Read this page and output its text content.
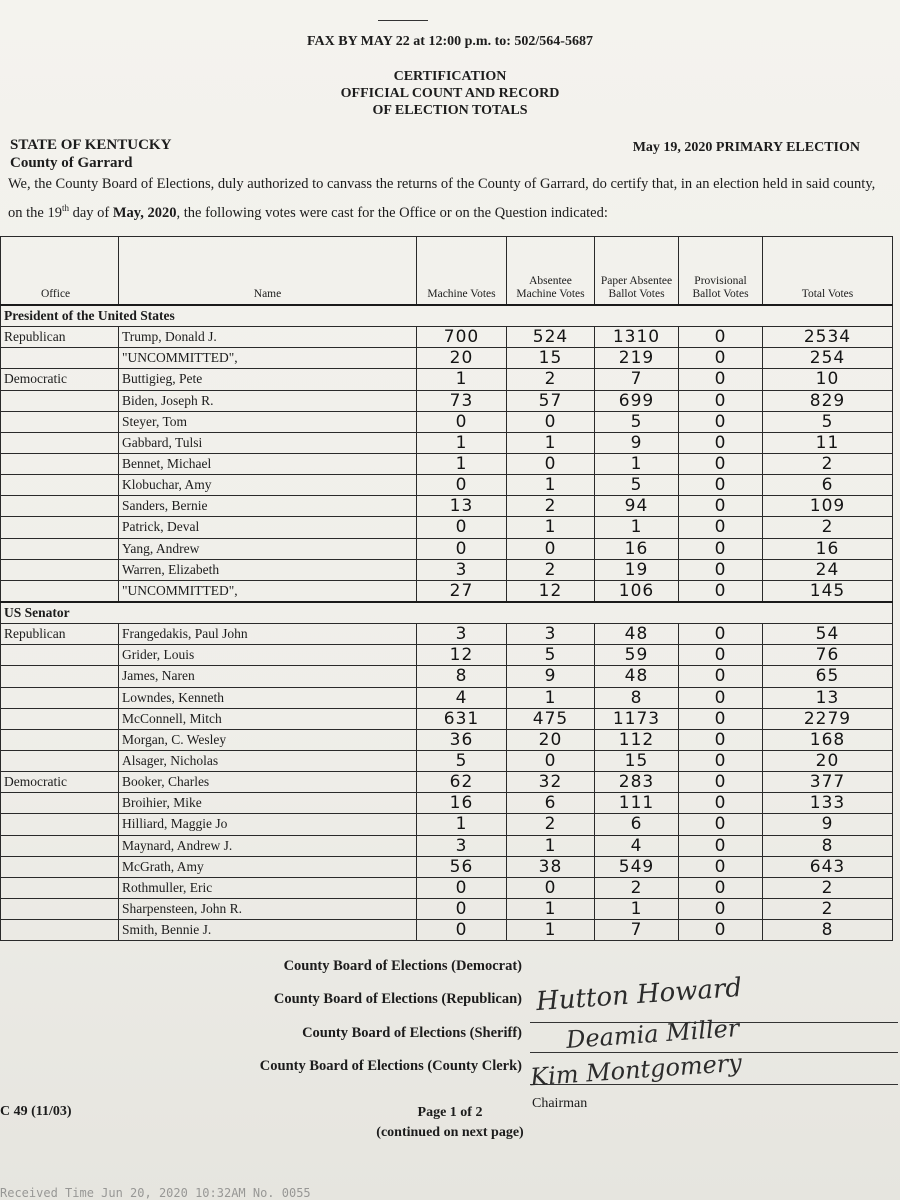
FAX BY MAY 22 at 12:00 p.m. to: 502/564-5687
CERTIFICATION
OFFICIAL COUNT AND RECORD
OF ELECTION TOTALS
STATE OF KENTUCKY
County of Garrard
May 19, 2020 PRIMARY ELECTION
We, the County Board of Elections, duly authorized to canvass the returns of the County of Garrard, do certify that, in an election held in said county, on the 19th day of May, 2020, the following votes were cast for the Office or on the Question indicated:
Office	Name	Machine Votes	Absentee Machine Votes	Paper Absentee Ballot Votes	Provisional Ballot Votes	Total Votes
President of the United States						
Republican	Trump, Donald J.	700	524	1310	0	2534
	"UNCOMMITTED",	20	15	219	0	254
Democratic	Buttigieg, Pete	1	2	7	0	10
	Biden, Joseph R.	73	57	699	0	829
	Steyer, Tom	0	0	5	0	5
	Gabbard, Tulsi	1	1	9	0	11
	Bennet, Michael	1	0	1	0	2
	Klobuchar, Amy	0	1	5	0	6
	Sanders, Bernie	13	2	94	0	109
	Patrick, Deval	0	1	1	0	2
	Yang, Andrew	0	0	16	0	16
	Warren, Elizabeth	3	2	19	0	24
	"UNCOMMITTED",	27	12	106	0	145
US Senator						
Republican	Frangedakis, Paul John	3	3	48	0	54
	Grider, Louis	12	5	59	0	76
	James, Naren	8	9	48	0	65
	Lowndes, Kenneth	4	1	8	0	13
	McConnell, Mitch	631	475	1173	0	2279
	Morgan, C. Wesley	36	20	112	0	168
	Alsager, Nicholas	5	0	15	0	20
Democratic	Booker, Charles	62	32	283	0	377
	Broihier, Mike	16	6	111	0	133
	Hilliard, Maggie Jo	1	2	6	0	9
	Maynard, Andrew J.	3	1	4	0	8
	McGrath, Amy	56	38	549	0	643
	Rothmuller, Eric	0	0	2	0	2
	Sharpensteen, John R.	0	1	1	0	2
	Smith, Bennie J.	0	1	7	0	8
County Board of Elections (Democrat)
County Board of Elections (Republican)
County Board of Elections (Sheriff)
County Board of Elections (County Clerk)
Hutton Howard
Deamia Miller
Kim Montgomery
Chairman
C 49 (11/03)	Page 1 of 2
(continued on next page)
Received Time Jun 20, 2020 10:32AM No. 0055
